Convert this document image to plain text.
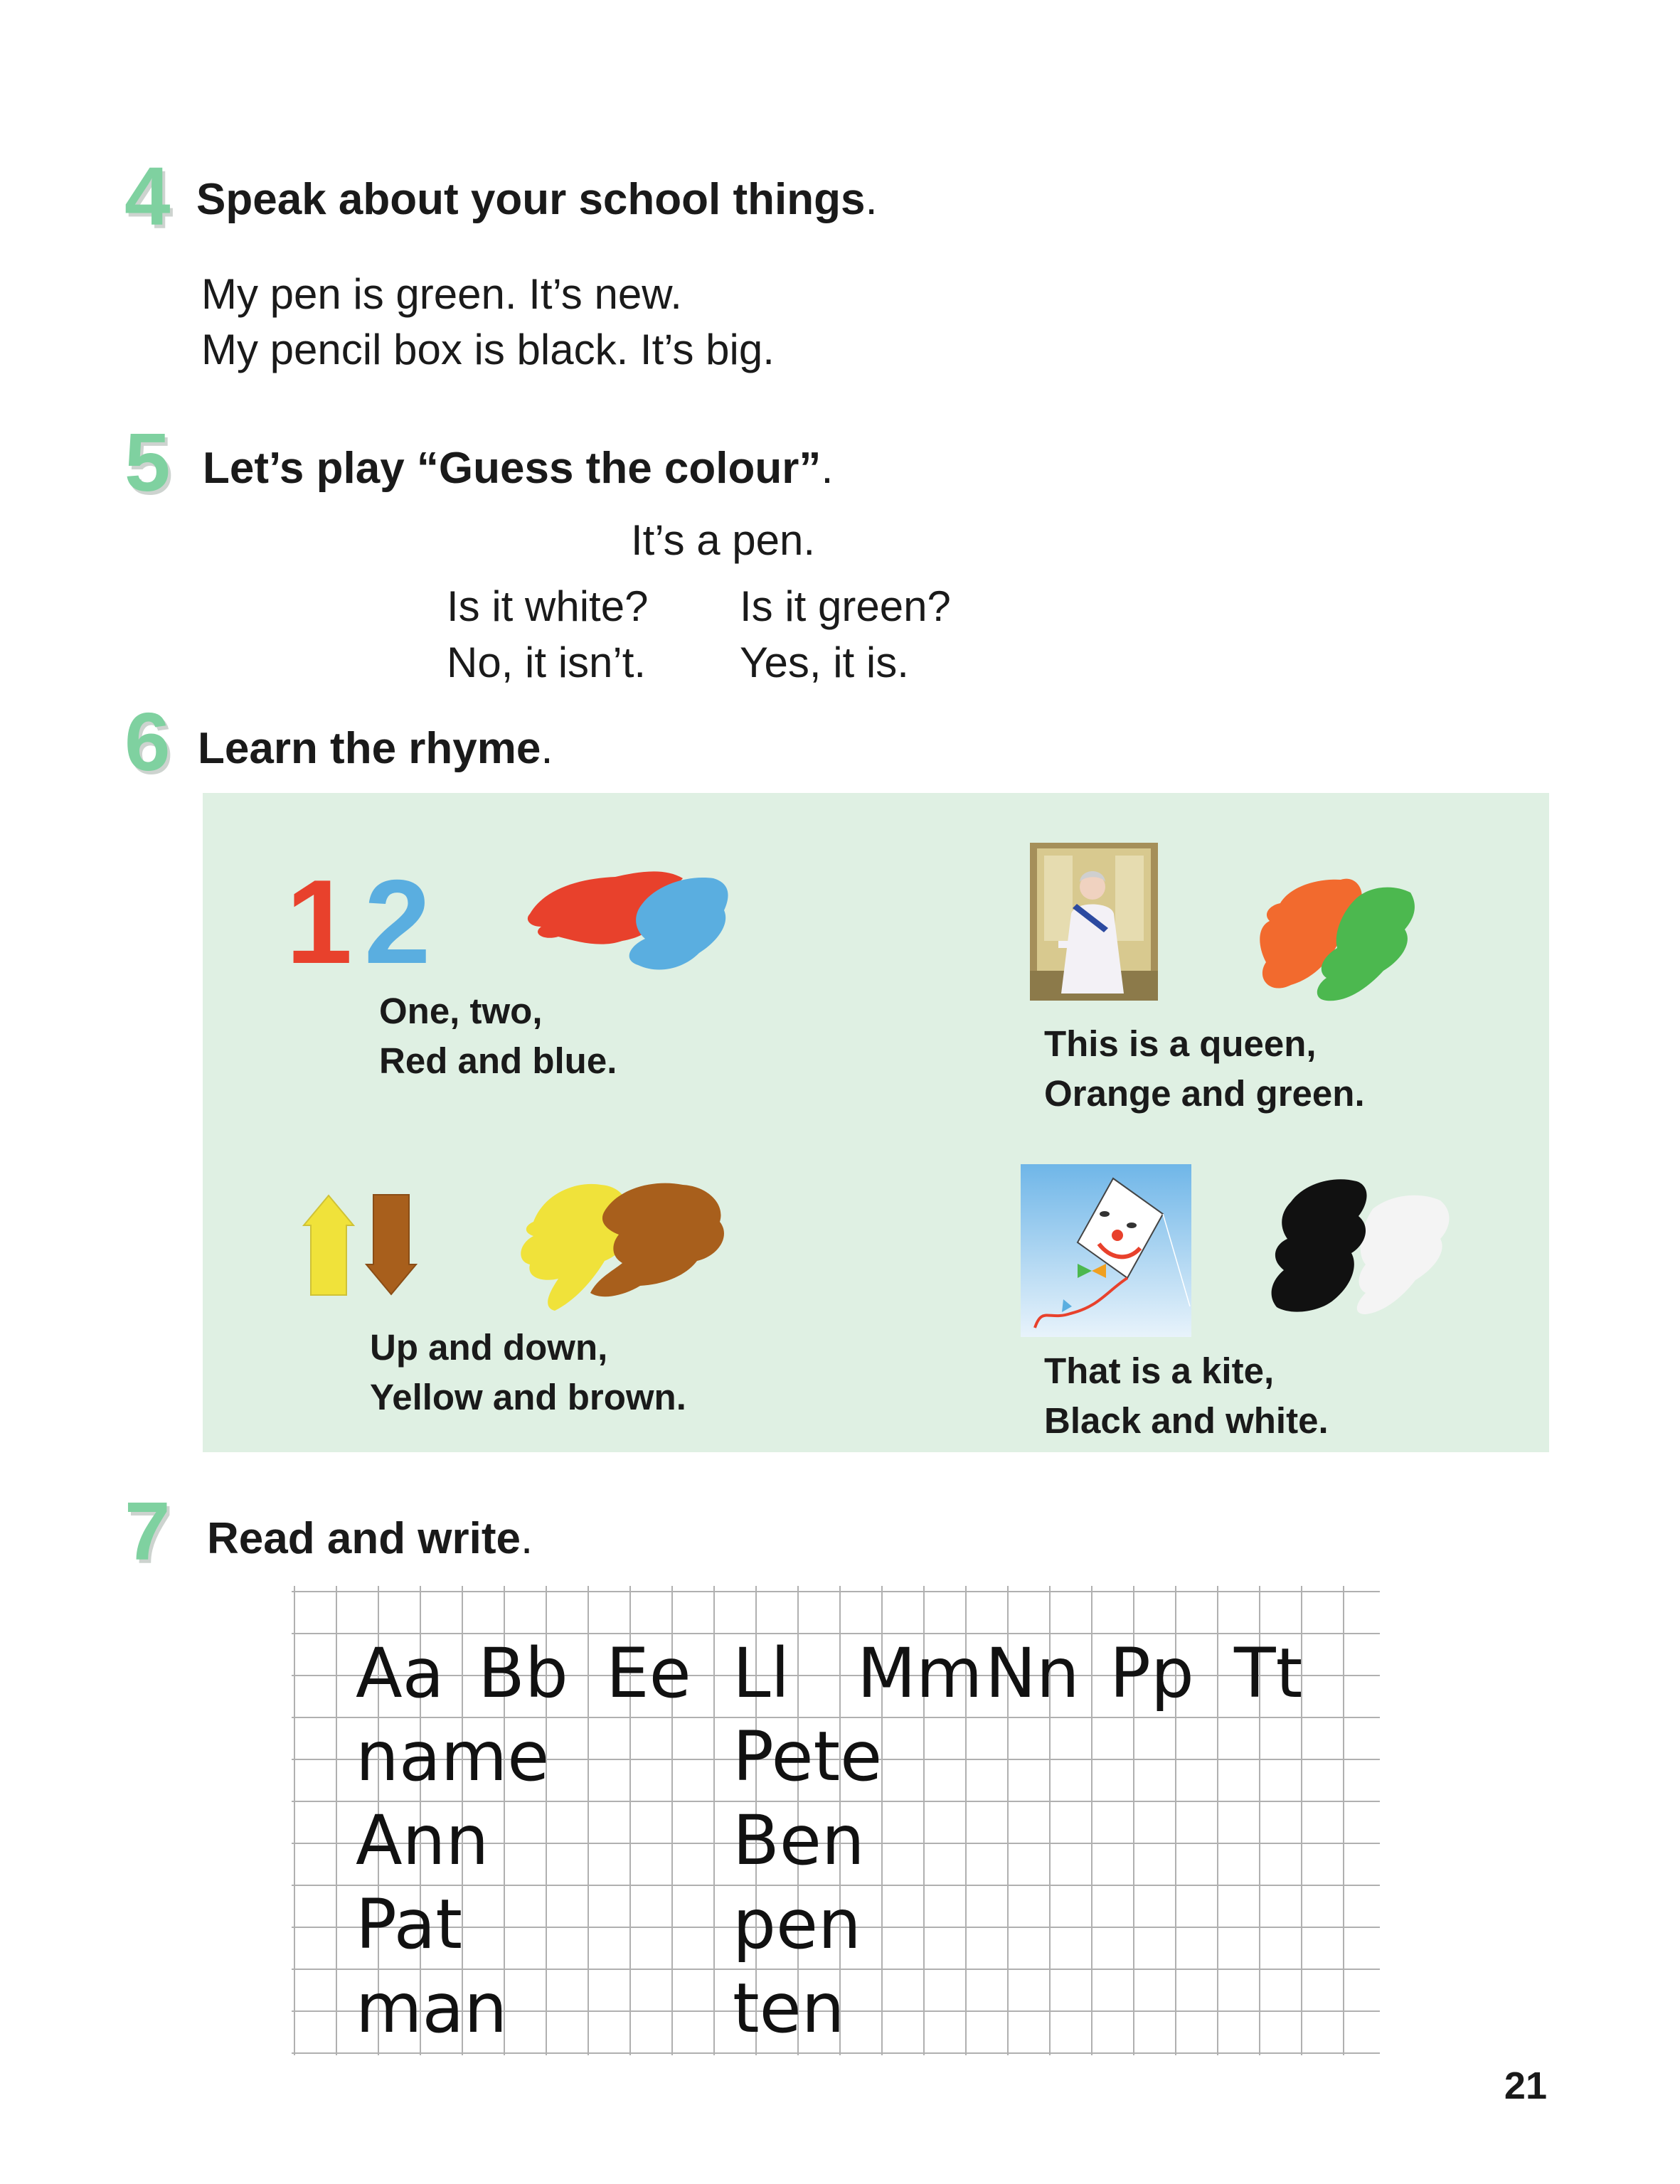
4 Speak about your school things.
My pen is green. It’s new.
My pencil box is black. It’s big.
5 Let’s play “Guess the colour”.
It’s a pen.
Is it white?
No, it isn’t.
Is it green?
Yes, it is.
6 Learn the rhyme.
1 2
One, two,
Red and blue.	This is a queen,
Orange and green.
Up and down,
Yellow and brown.
That is a kite,
Black and white.
7 Read and write.
Aa Bb Ee Ll Mm Nn Pp Tt
name
Ann
Pat
man
Pete
Ben
pen
ten
21
